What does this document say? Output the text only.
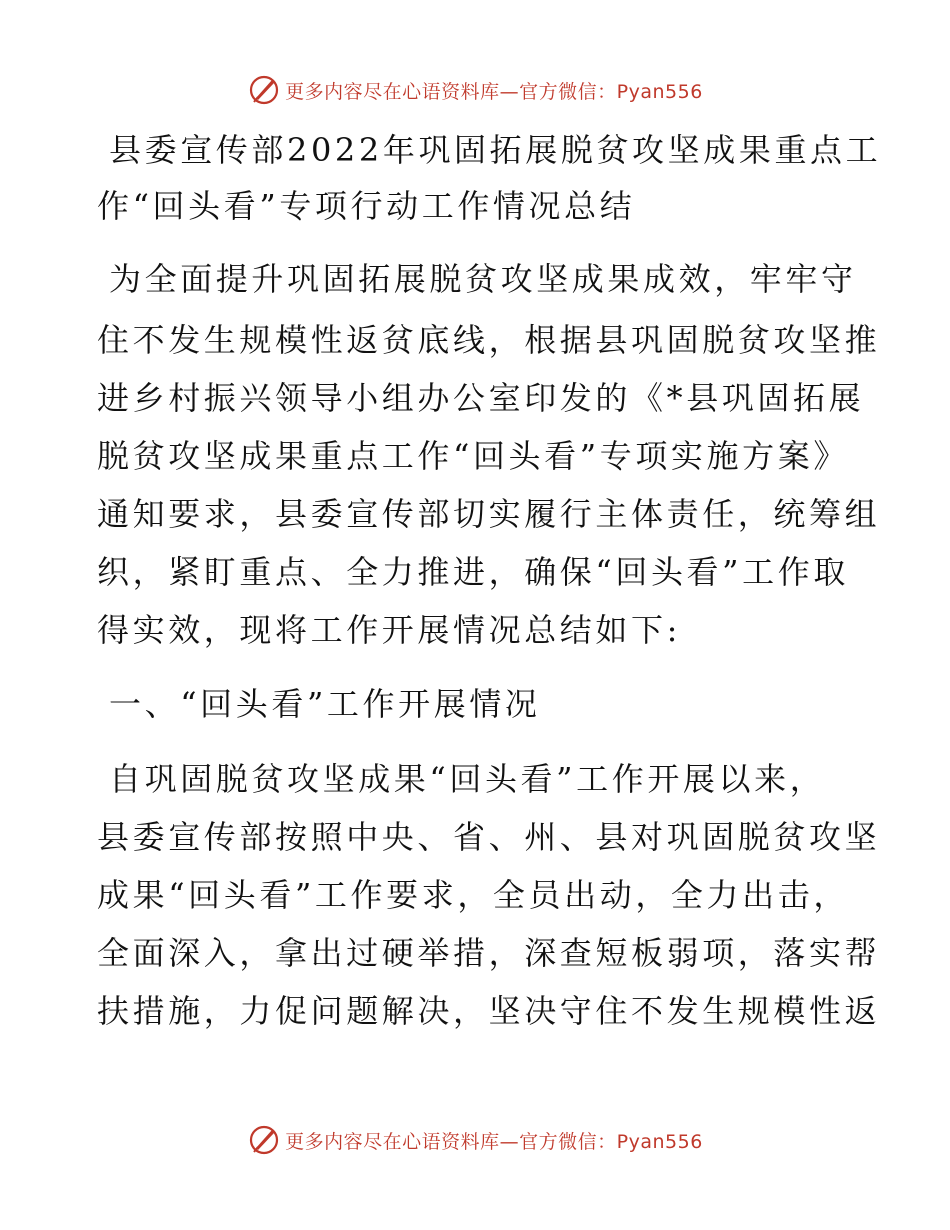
更多内容尽在心语资料库—官方微信：Pyan556
县委宣传部2022年巩固拓展脱贫攻坚成果重点工
作“回头看”专项行动工作情况总结
为全面提升巩固拓展脱贫攻坚成果成效，牢牢守
住不发生规模性返贫底线，根据县巩固脱贫攻坚推
进乡村振兴领导小组办公室印发的《*县巩固拓展
脱贫攻坚成果重点工作“回头看”专项实施方案》
通知要求，县委宣传部切实履行主体责任，统筹组
织，紧盯重点、全力推进，确保“回头看”工作取
得实效，现将工作开展情况总结如下:
一、“回头看”工作开展情况
自巩固脱贫攻坚成果“回头看”工作开展以来，
县委宣传部按照中央、省、州、县对巩固脱贫攻坚
成果“回头看”工作要求，全员出动，全力出击，
全面深入，拿出过硬举措，深查短板弱项，落实帮
扶措施，力促问题解决，坚决守住不发生规模性返
更多内容尽在心语资料库—官方微信：Pyan556
